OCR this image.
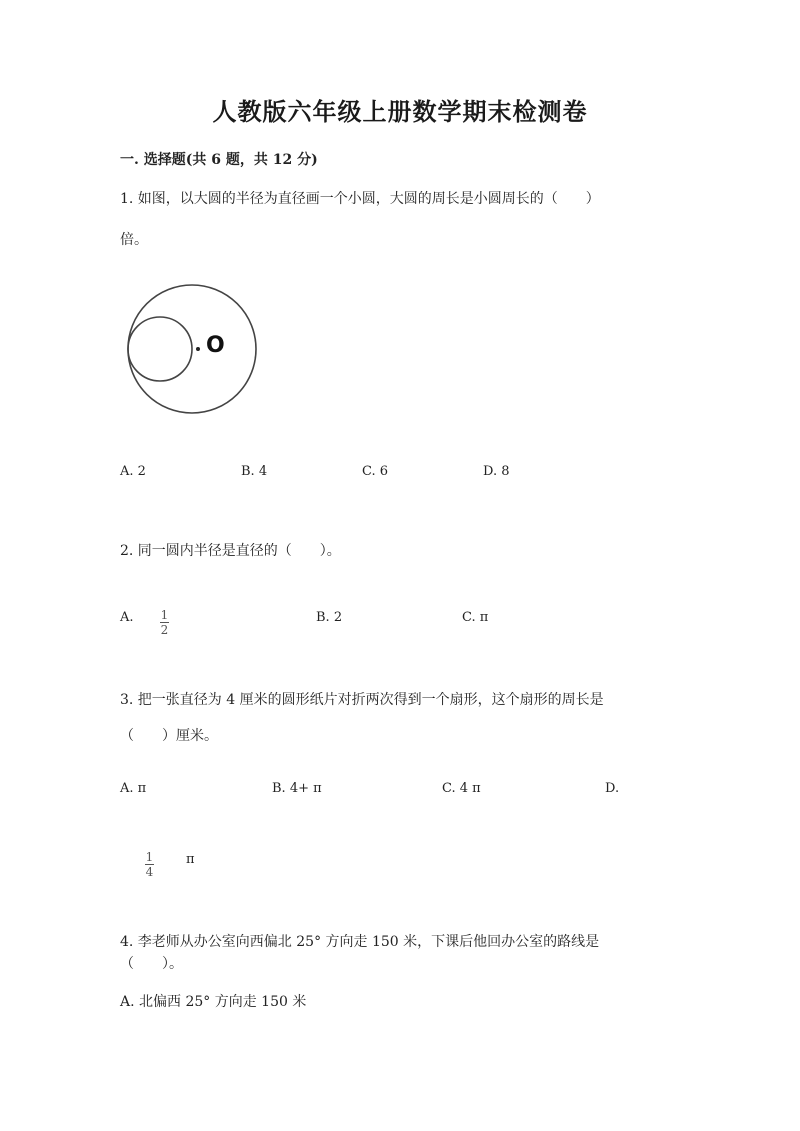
人教版六年级上册数学期末检测卷
一. 选择题(共 6 题，共 12 分)
1. 如图，以大圆的半径为直径画一个小圆，大圆的周长是小圆周长的（　　）
倍。
O
A. 2	B. 4	C. 6	D. 8
2. 同一圆内半径是直径的（　　）。
A. $\frac{1}{2}$	B. 2	C. π
3. 把一张直径为 4 厘米的圆形纸片对折两次得到一个扇形，这个扇形的周长是
（　　）厘米。
A. π	B. 4+ π	C. 4 π	D.
$\frac{1}{4}$ π
4. 李老师从办公室向西偏北 25° 方向走 150 米，下课后他回办公室的路线是
（　　）。
A. 北偏西 25° 方向走 150 米
